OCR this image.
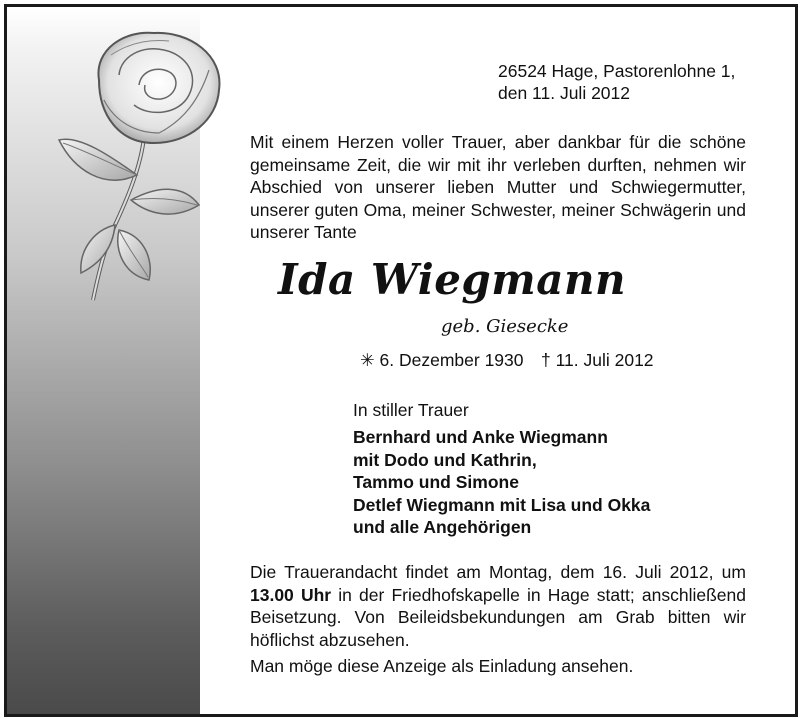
26524 Hage, Pastorenlohne 1,
den 11. Juli 2012
Mit einem Herzen voller Trauer, aber dankbar für die schöne gemeinsame Zeit, die wir mit ihr verleben durften, nehmen wir Abschied von unserer lieben Mutter und Schwiegermutter, unserer guten Oma, meiner Schwester, meiner Schwägerin und unserer Tante
Ida Wiegmann
geb. Giesecke
✳ 6. Dezember 1930 † 11. Juli 2012
In stiller Trauer
Bernhard und Anke Wiegmann
mit Dodo und Kathrin,
Tammo und Simone
Detlef Wiegmann mit Lisa und Okka
und alle Angehörigen
Die Trauerandacht findet am Montag, dem 16. Juli 2012, um 13.00 Uhr in der Friedhofskapelle in Hage statt; anschließend Beisetzung. Von Beileidsbekundungen am Grab bitten wir höflichst abzusehen.
Man möge diese Anzeige als Einladung ansehen.
